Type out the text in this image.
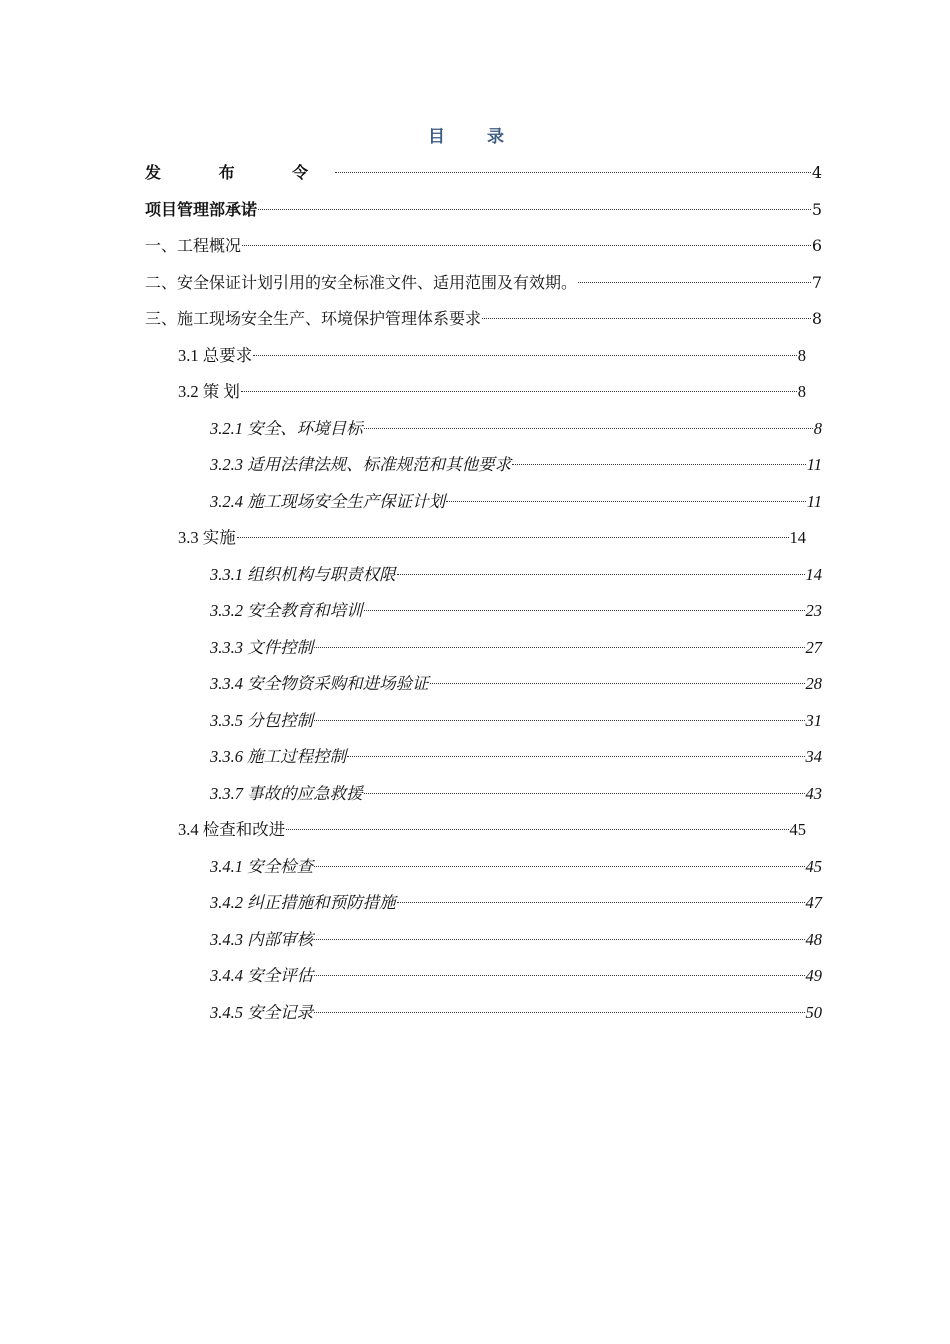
目 录
发 布 令	4
项目管理部承诺	5
一、工程概况	6
二、安全保证计划引用的安全标准文件、适用范围及有效期。	7
三、施工现场安全生产、环境保护管理体系要求	8
3.1 总要求	8
3.2 策 划	8
3.2.1 安全、环境目标	8
3.2.3 适用法律法规、标准规范和其他要求	11
3.2.4 施工现场安全生产保证计划	11
3.3 实施	14
3.3.1 组织机构与职责权限	14
3.3.2 安全教育和培训	23
3.3.3 文件控制	27
3.3.4 安全物资采购和进场验证	28
3.3.5 分包控制	31
3.3.6 施工过程控制	34
3.3.7 事故的应急救援	43
3.4 检查和改进	45
3.4.1 安全检查	45
3.4.2 纠正措施和预防措施	47
3.4.3 内部审核	48
3.4.4 安全评估	49
3.4.5 安全记录	50
